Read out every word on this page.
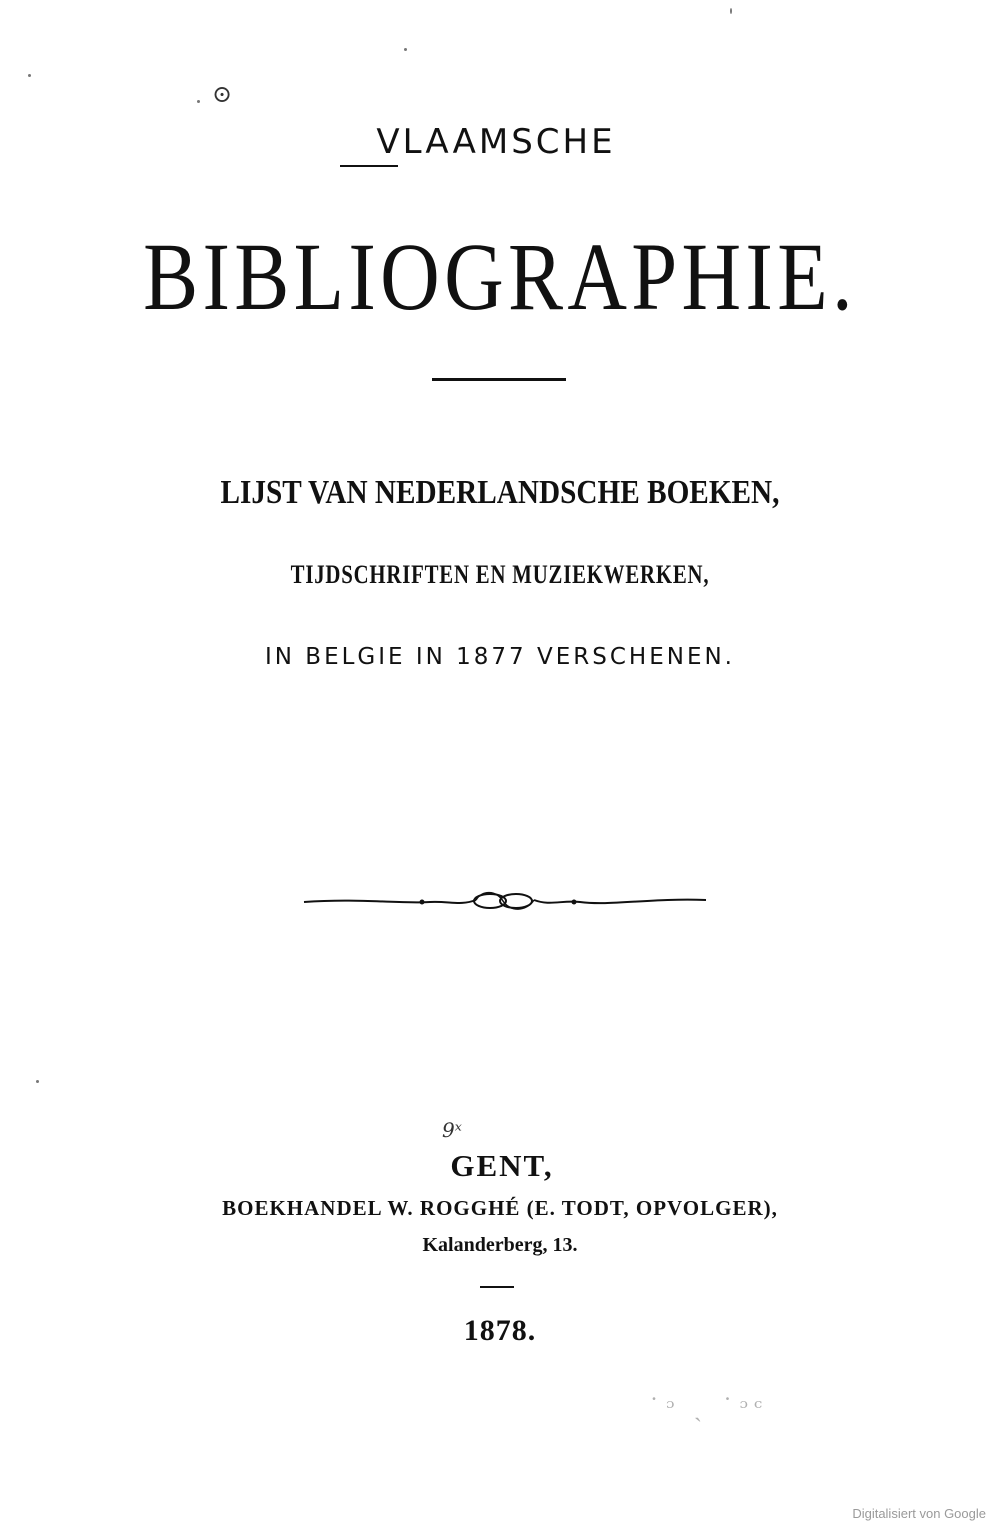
⊙
VLAAMSCHE
BIBLIOGRAPHIE.
LIJST VAN NEDERLANDSCHE BOEKEN,
TIJDSCHRIFTEN EN MUZIEKWERKEN,
IN BELGIE IN 1877 VERSCHENEN.
9ˣ
GENT,
BOEKHANDEL W. ROGGHÉ (E. TODT, OPVOLGER),
Kalanderberg, 13.
1878.
˙ᵓ ˎ ˙ᵓᶜ
Digitalisiert von Google
